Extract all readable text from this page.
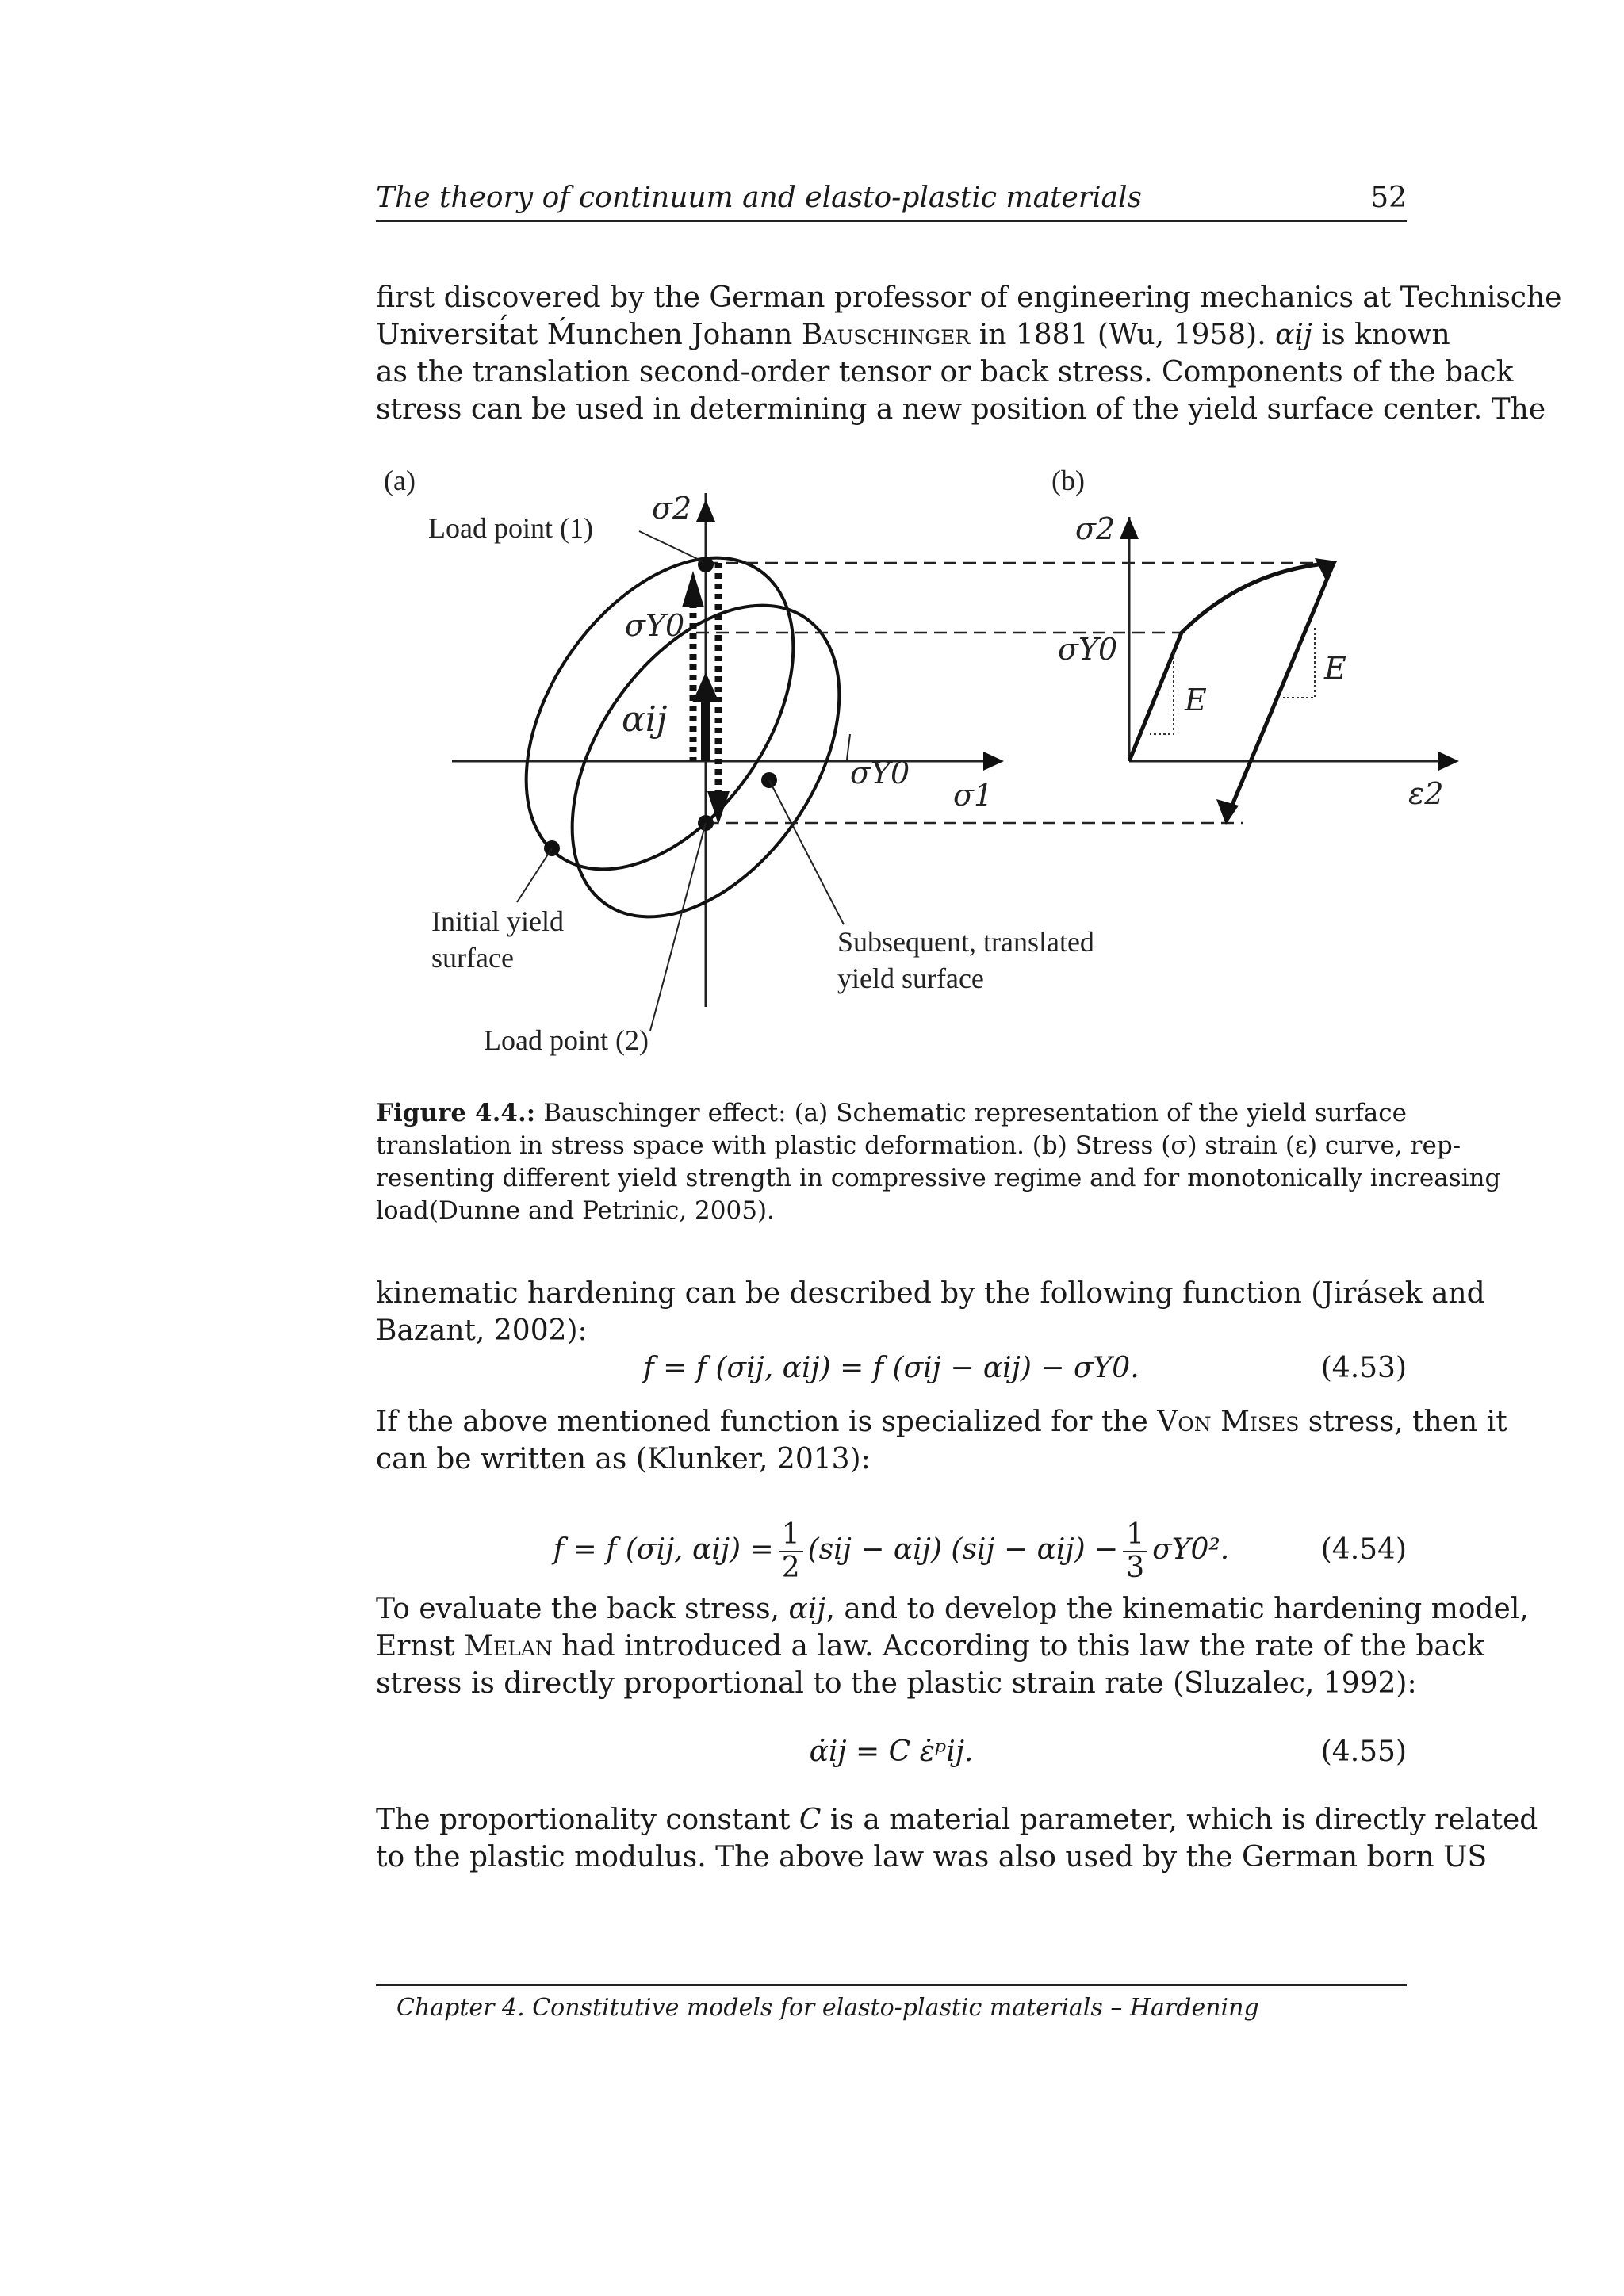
The theory of continuum and elasto-plastic materials	52

first discovered by the German professor of engineering mechanics at Technische
Universit́at Ḿunchen Johann Bauschinger in 1881 (Wu, 1958). αij is known
as the translation second-order tensor or back stress. Components of the back
stress can be used in determining a new position of the yield surface center. The

(a)	(b)
Load point (1)
Load point (2)
Initial yield
surface	Subsequent, translated
yield surface
σ2
σ1
σY0
σY0
αij
σ2
σY0
E
E
ε2
Figure 4.4.: Bauschinger effect: (a) Schematic representation of the yield surface
translation in stress space with plastic deformation. (b) Stress (σ) strain (ε) curve, rep-
resenting different yield strength in compressive regime and for monotonically increasing
load(Dunne and Petrinic, 2005).

kinematic hardening can be described by the following function (Jirásek and
Bazant, 2002):

f = f (σij, αij) = f (σij − αij) − σY0.	(4.53)

If the above mentioned function is specialized for the Von Mises stress, then it
can be written as (Klunker, 2013):

f = f (σij, $\alpha ij) = \frac{1}{2} (sij - \alpha ij) (sij - \alpha ij) - \frac{1}{3} \sigma Y0^2$.	(4.54)

To evaluate the back stress, αij, and to develop the kinematic hardening model,
Ernst Melan had introduced a law. According to this law the rate of the back
stress is directly proportional to the plastic strain rate (Sluzalec, 1992):

α̇ij = C ε̇ᵖij.	(4.55)

The proportionality constant C is a material parameter, which is directly related
to the plastic modulus. The above law was also used by the German born US

Chapter 4. Constitutive models for elasto-plastic materials – Hardening
